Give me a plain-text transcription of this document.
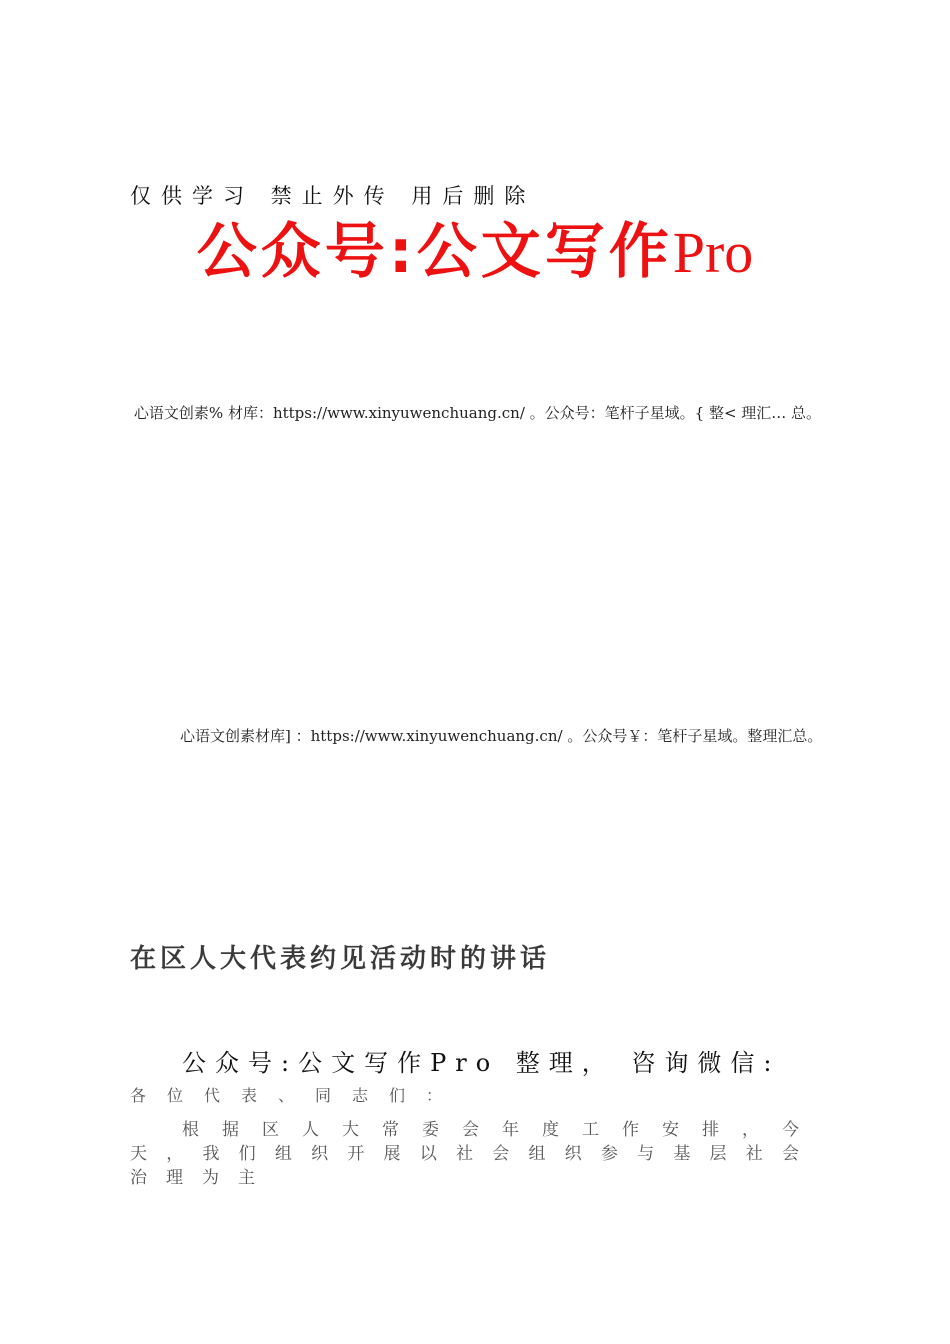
仅供学习 禁止外传 用后删除
公众号:公文写作Pro
心语文创素% 材库：https://www.xinyuwenchuang.cn/ 。公众号：笔杆子星域。{ 整< 理汇… 总。
心语文创素材库] ：https://www.xinyuwenchuang.cn/ 。公众号￥：笔杆子星域。整理汇总。
在区人大代表约见活动时的讲话
公众号:公文写作Pro 整理， 咨询微信:
各位代表、同志们：
根据区人大常委会年度工作安排，今天，我们组织开展以社会组织参与基层社会治理为主
